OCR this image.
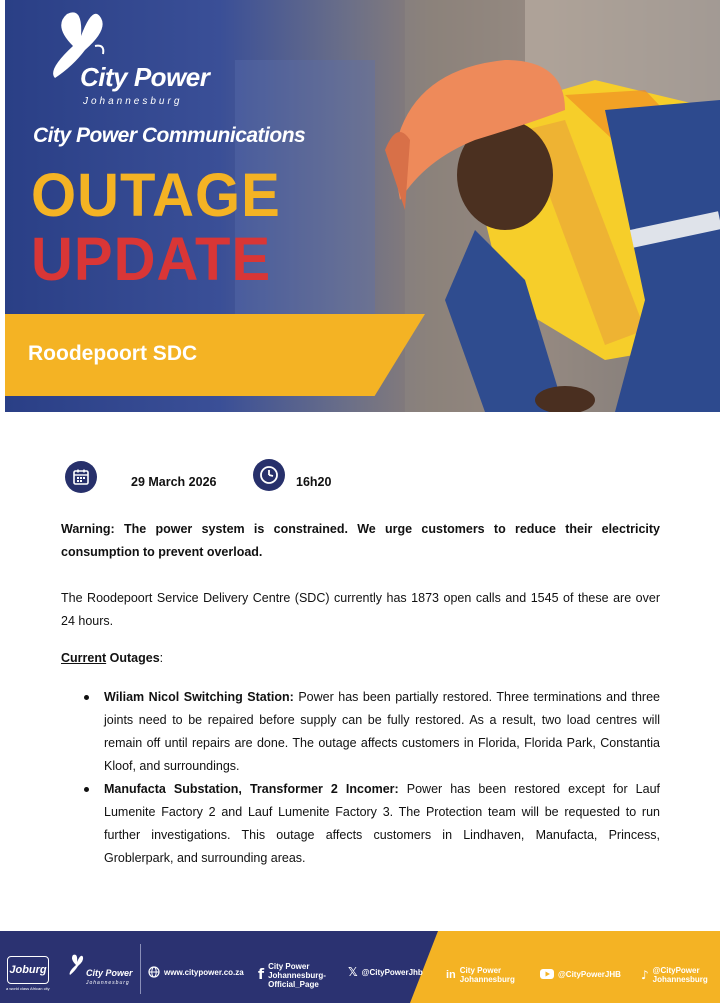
City Power
Johannesburg
City Power Communications
OUTAGE
UPDATE
Roodepoort SDC
29 March 2026	16h20
Warning: The power system is constrained. We urge customers to reduce their electricity consumption to prevent overload.
The Roodepoort Service Delivery Centre (SDC) currently has 1873 open calls and 1545 of these are over 24 hours.
Current Outages:
Wiliam Nicol Switching Station: Power has been partially restored. Three terminations and three joints need to be repaired before supply can be fully restored. As a result, two load centres will remain off until repairs are done. The outage affects customers in Florida, Florida Park, Constantia Kloof, and surroundings.
Manufacta Substation, Transformer 2 Incomer: Power has been restored except for Lauf Lumenite Factory 2 and Lauf Lumenite Factory 3. The Protection team will be requested to run further investigations. This outage affects customers in Lindhaven, Manufacta, Princess, Groblerpark, and surrounding areas.
Joburg
a world class African city
City Power
Johannesburg
www.citypower.co.za f
City Power
Johannesburg-
Official_Page
𝕏 @CityPowerJhb in City Power
Johannesburg
@CityPowerJHB ♪ @CityPower
Johannesburg
